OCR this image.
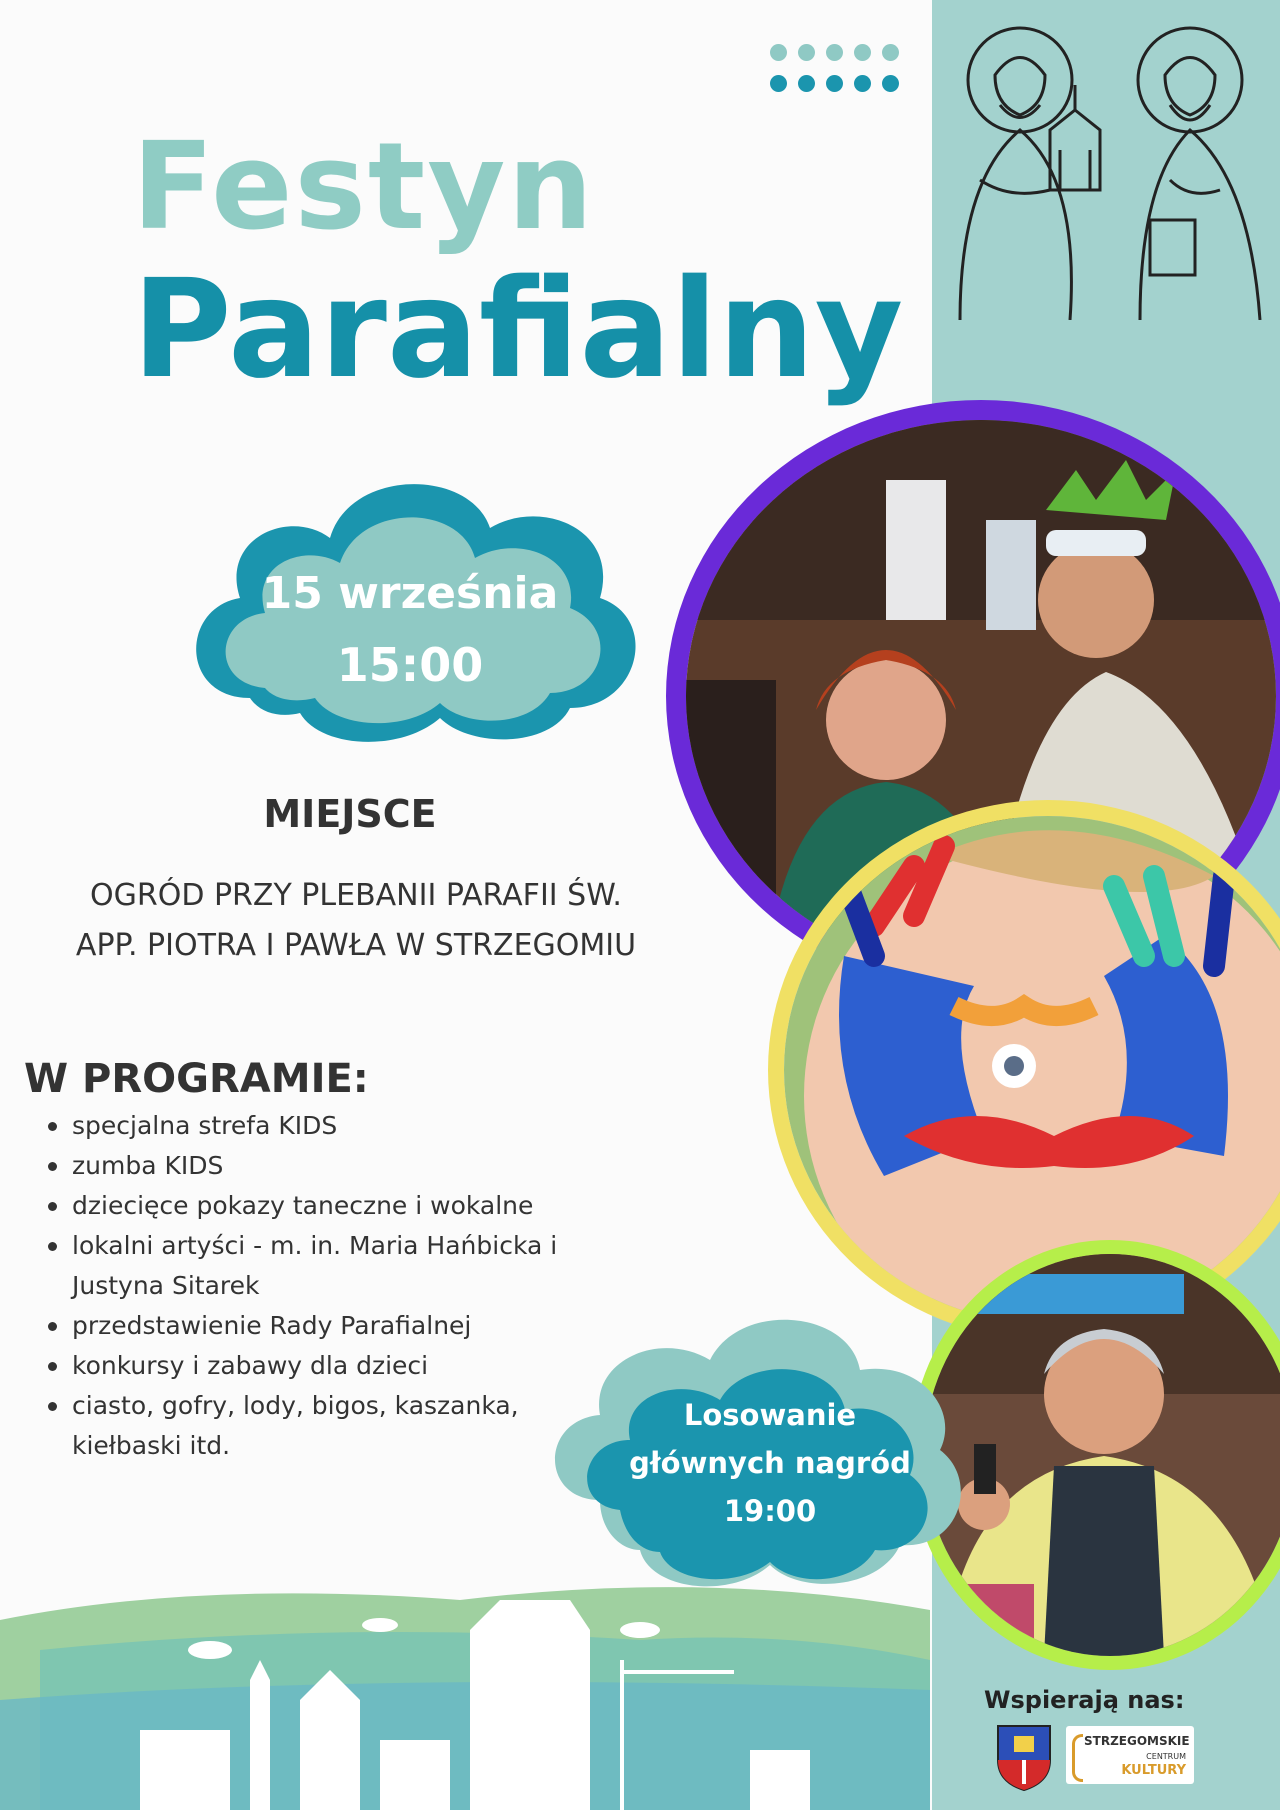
Festyn
Parafialny
15 września
15:00
MIEJSCE
OGRÓD PRZY PLEBANII PARAFII ŚW.
APP. PIOTRA I PAWŁA W STRZEGOMIU
W PROGRAMIE:
specjalna strefa KIDS
zumba KIDS
dziecięce pokazy taneczne i wokalne
lokalni artyści - m. in. Maria Hańbicka i Justyna Sitarek
przedstawienie Rady Parafialnej
konkursy i zabawy dla dzieci
ciasto, gofry, lody, bigos, kaszanka, kiełbaski itd.
Losowanie
głównych nagród
19:00
Wspierają nas:
STRZEGOMSKIE
CENTRUM KULTURY
